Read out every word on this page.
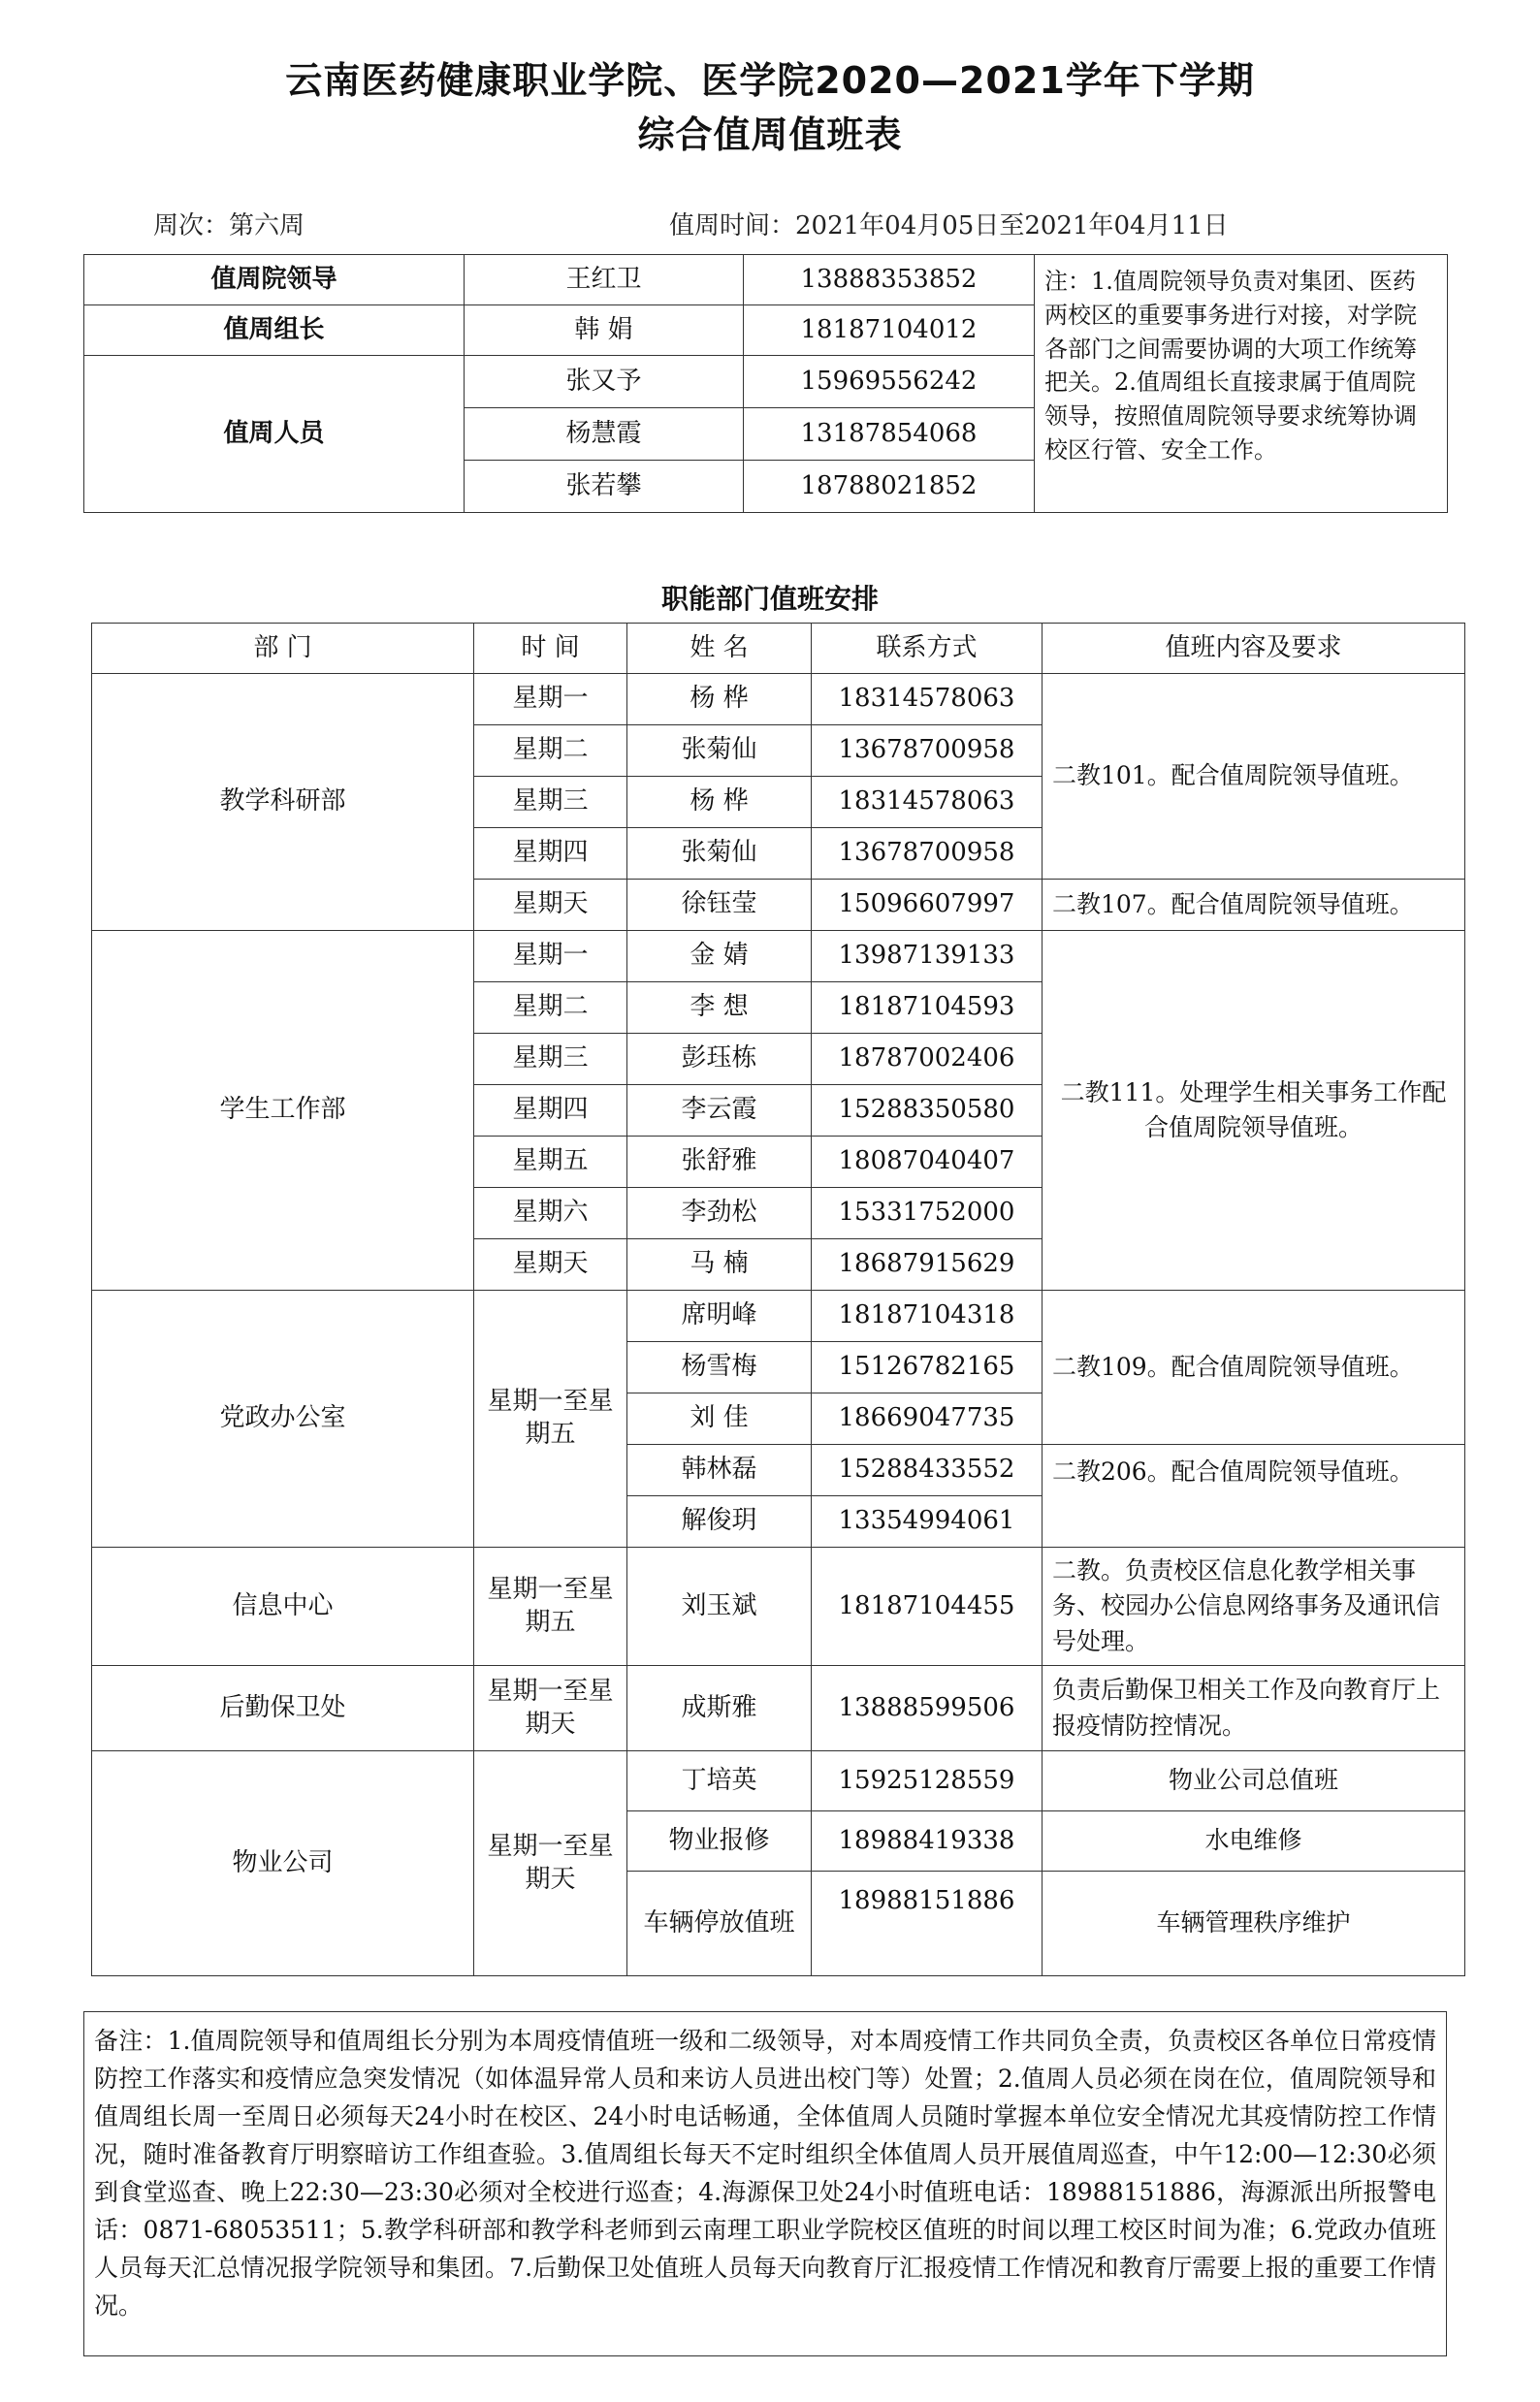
云南医药健康职业学院、医学院2020—2021学年下学期
综合值周值班表
周次：第六周	值周时间：2021年04月05日至2021年04月11日
值周院领导	王红卫	13888353852	注：1.值周院领导负责对集团、医药两校区的重要事务进行对接，对学院各部门之间需要协调的大项工作统筹把关。2.值周组长直接隶属于值周院领导，按照值周院领导要求统筹协调校区行管、安全工作。
值周组长	韩 娟	18187104012	
值周人员	张又予	15969556242	
	杨慧霞	13187854068	
	张若攀	18788021852	
职能部门值班安排
部 门	时 间	姓 名	联系方式	值班内容及要求
教学科研部	星期一	杨 桦	18314578063	二教101。配合值周院领导值班。
	星期二	张菊仙	13678700958	
	星期三	杨 桦	18314578063	
	星期四	张菊仙	13678700958	
	星期天	徐钰莹	15096607997	二教107。配合值周院领导值班。
学生工作部	星期一	金 婧	13987139133	二教111。处理学生相关事务工作配合值周院领导值班。
	星期二	李 想	18187104593	
	星期三	彭珏栋	18787002406	
	星期四	李云霞	15288350580	
	星期五	张舒雅	18087040407	
	星期六	李劲松	15331752000	
	星期天	马 楠	18687915629	
党政办公室	星期一至星期五	席明峰	18187104318	二教109。配合值周院领导值班。
		杨雪梅	15126782165	
		刘 佳	18669047735	
		韩林磊	15288433552	二教206。配合值周院领导值班。
		解俊玥	13354994061	
信息中心	星期一至星期五	刘玉斌	18187104455	二教。负责校区信息化教学相关事务、校园办公信息网络事务及通讯信号处理。
后勤保卫处	星期一至星期天	成斯雅	13888599506	负责后勤保卫相关工作及向教育厅上报疫情防控情况。
物业公司	星期一至星期天	丁培英	15925128559	物业公司总值班
		物业报修	18988419338	水电维修
		车辆停放值班	18988151886	车辆管理秩序维护
备注：1.值周院领导和值周组长分别为本周疫情值班一级和二级领导，对本周疫情工作共同负全责，负责校区各单位日常疫情防控工作落实和疫情应急突发情况（如体温异常人员和来访人员进出校门等）处置；2.值周人员必须在岗在位，值周院领导和值周组长周一至周日必须每天24小时在校区、24小时电话畅通，全体值周人员随时掌握本单位安全情况尤其疫情防控工作情况，随时准备教育厅明察暗访工作组查验。3.值周组长每天不定时组织全体值周人员开展值周巡查，中午12:00—12:30必须到食堂巡查、晚上22:30—23:30必须对全校进行巡查；4.海源保卫处24小时值班电话：18988151886，海源派出所报警电话：0871-68053511；5.教学科研部和教学科老师到云南理工职业学院校区值班的时间以理工校区时间为准；6.党政办值班人员每天汇总情况报学院领导和集团。7.后勤保卫处值班人员每天向教育厅汇报疫情工作情况和教育厅需要上报的重要工作情况。
